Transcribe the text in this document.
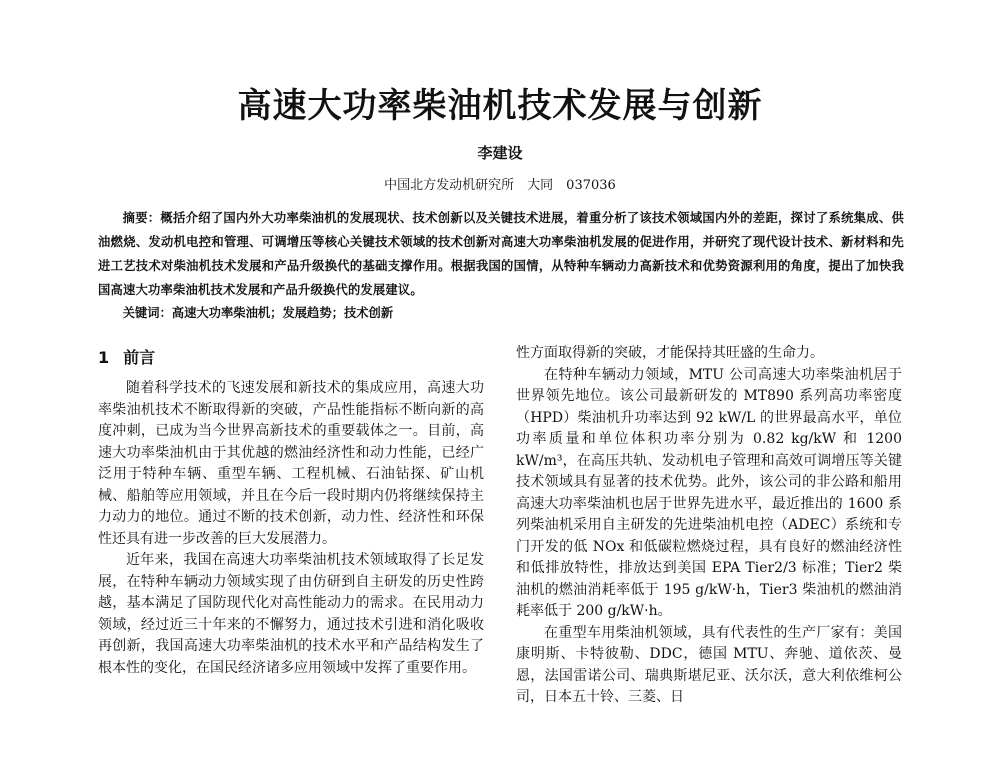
高速大功率柴油机技术发展与创新
李建设
中国北方发动机研究所　大同　037036
摘要：概括介绍了国内外大功率柴油机的发展现状、技术创新以及关键技术进展，着重分析了该技术领域国内外的差距，探讨了系统集成、供油燃烧、发动机电控和管理、可调增压等核心关键技术领域的技术创新对高速大功率柴油机发展的促进作用，并研究了现代设计技术、新材料和先进工艺技术对柴油机技术发展和产品升级换代的基础支撑作用。根据我国的国情，从特种车辆动力高新技术和优势资源利用的角度，提出了加快我国高速大功率柴油机技术发展和产品升级换代的发展建议。
关键词：高速大功率柴油机；发展趋势；技术创新
1 前言

随着科学技术的飞速发展和新技术的集成应用，高速大功率柴油机技术不断取得新的突破，产品性能指标不断向新的高度冲刺，已成为当今世界高新技术的重要载体之一。目前，高速大功率柴油机由于其优越的燃油经济性和动力性能，已经广泛用于特种车辆、重型车辆、工程机械、石油钻探、矿山机械、船舶等应用领域，并且在今后一段时期内仍将继续保持主力动力的地位。通过不断的技术创新，动力性、经济性和环保性还具有进一步改善的巨大发展潜力。

近年来，我国在高速大功率柴油机技术领域取得了长足发展，在特种车辆动力领域实现了由仿研到自主研发的历史性跨越，基本满足了国防现代化对高性能动力的需求。在民用动力领域，经过近三十年来的不懈努力，通过技术引进和消化吸收再创新，我国高速大功率柴油机的技术水平和产品结构发生了根本性的变化，在国民经济诸多应用领域中发挥了重要作用。

性方面取得新的突破，才能保持其旺盛的生命力。

在特种车辆动力领域，MTU 公司高速大功率柴油机居于世界领先地位。该公司最新研发的 MT890 系列高功率密度（HPD）柴油机升功率达到 92 kW/L 的世界最高水平，单位功率质量和单位体积功率分别为 0.82 kg/kW 和 1200 kW/m³，在高压共轨、发动机电子管理和高效可调增压等关键技术领域具有显著的技术优势。此外，该公司的非公路和船用高速大功率柴油机也居于世界先进水平，最近推出的 1600 系列柴油机采用自主研发的先进柴油机电控（ADEC）系统和专门开发的低 NOx 和低碳粒燃烧过程，具有良好的燃油经济性和低排放特性，排放达到美国 EPA Tier2/3 标准；Tier2 柴油机的燃油消耗率低于 195 g/kW·h，Tier3 柴油机的燃油消耗率低于 200 g/kW·h。

在重型车用柴油机领域，具有代表性的生产厂家有：美国康明斯、卡特彼勒、DDC，德国 MTU、奔驰、道依茨、曼恩，法国雷诺公司、瑞典斯堪尼亚、沃尔沃，意大利依维柯公司，日本五十铃、三菱、日
